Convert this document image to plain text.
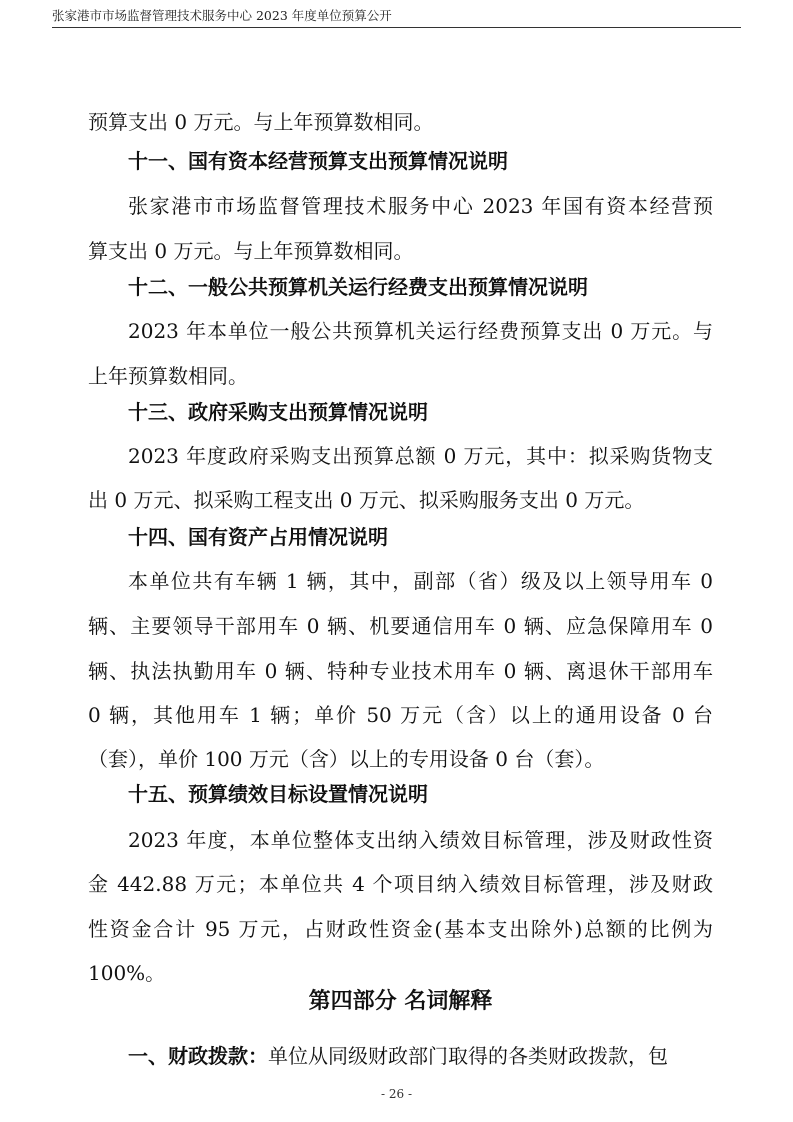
张家港市市场监督管理技术服务中心 2023 年度单位预算公开
预算支出 0 万元。与上年预算数相同。
十一、国有资本经营预算支出预算情况说明
张家港市市场监督管理技术服务中心 2023 年国有资本经营预
算支出 0 万元。与上年预算数相同。
十二、一般公共预算机关运行经费支出预算情况说明
2023 年本单位一般公共预算机关运行经费预算支出 0 万元。与
上年预算数相同。
十三、政府采购支出预算情况说明
2023 年度政府采购支出预算总额 0 万元，其中：拟采购货物支
出 0 万元、拟采购工程支出 0 万元、拟采购服务支出 0 万元。
十四、国有资产占用情况说明
本单位共有车辆 1 辆，其中，副部（省）级及以上领导用车 0
辆、主要领导干部用车 0 辆、机要通信用车 0 辆、应急保障用车 0
辆、执法执勤用车 0 辆、特种专业技术用车 0 辆、离退休干部用车
0 辆，其他用车 1 辆；单价 50 万元（含）以上的通用设备 0 台
（套），单价 100 万元（含）以上的专用设备 0 台（套）。
十五、预算绩效目标设置情况说明
2023 年度，本单位整体支出纳入绩效目标管理，涉及财政性资
金 442.88 万元；本单位共 4 个项目纳入绩效目标管理，涉及财政
性资金合计 95 万元，占财政性资金(基本支出除外)总额的比例为
100%。
第四部分 名词解释
一、财政拨款：单位从同级财政部门取得的各类财政拨款，包
- 26 -
